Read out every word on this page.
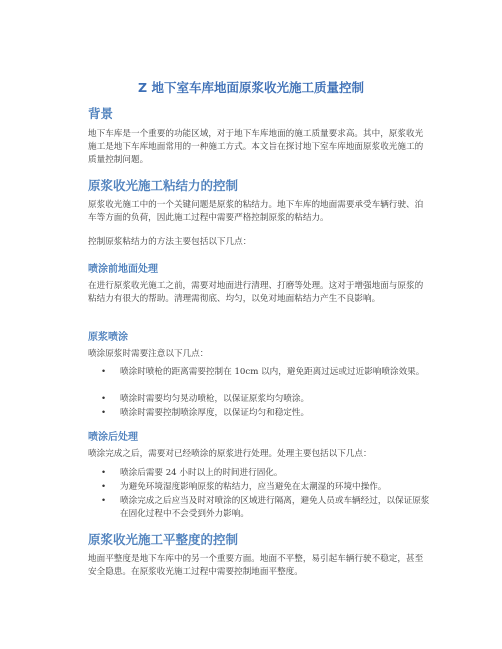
Z 地下室车库地面原浆收光施工质量控制
背景
地下车库是一个重要的功能区域，对于地下车库地面的施工质量要求高。其中，原浆收光施工是地下车库地面常用的一种施工方式。本文旨在探讨地下室车库地面原浆收光施工的质量控制问题。
原浆收光施工粘结力的控制
原浆收光施工中的一个关键问题是原浆的粘结力。地下车库的地面需要承受车辆行驶、泊车等方面的负荷，因此施工过程中需要严格控制原浆的粘结力。
控制原浆粘结力的方法主要包括以下几点：
喷涂前地面处理
在进行原浆收光施工之前，需要对地面进行清理、打磨等处理。这对于增强地面与原浆的粘结力有很大的帮助。清理需彻底、均匀，以免对地面粘结力产生不良影响。
原浆喷涂
喷涂原浆时需要注意以下几点：
•	喷涂时喷枪的距离需要控制在 10cm 以内，避免距离过远或过近影响喷涂效果。
•	喷涂时需要均匀晃动喷枪，以保证原浆均匀喷涂。
•	喷涂时需要控制喷涂厚度，以保证均匀和稳定性。
喷涂后处理
喷涂完成之后，需要对已经喷涂的原浆进行处理。处理主要包括以下几点：
•	喷涂后需要 24 小时以上的时间进行固化。
•	为避免环境湿度影响原浆的粘结力，应当避免在太潮湿的环境中操作。
•	喷涂完成之后应当及时对喷涂的区域进行隔离，避免人员或车辆经过，以保证原浆在固化过程中不会受到外力影响。
原浆收光施工平整度的控制
地面平整度是地下车库中的另一个重要方面。地面不平整，易引起车辆行驶不稳定，甚至安全隐患。在原浆收光施工过程中需要控制地面平整度。
